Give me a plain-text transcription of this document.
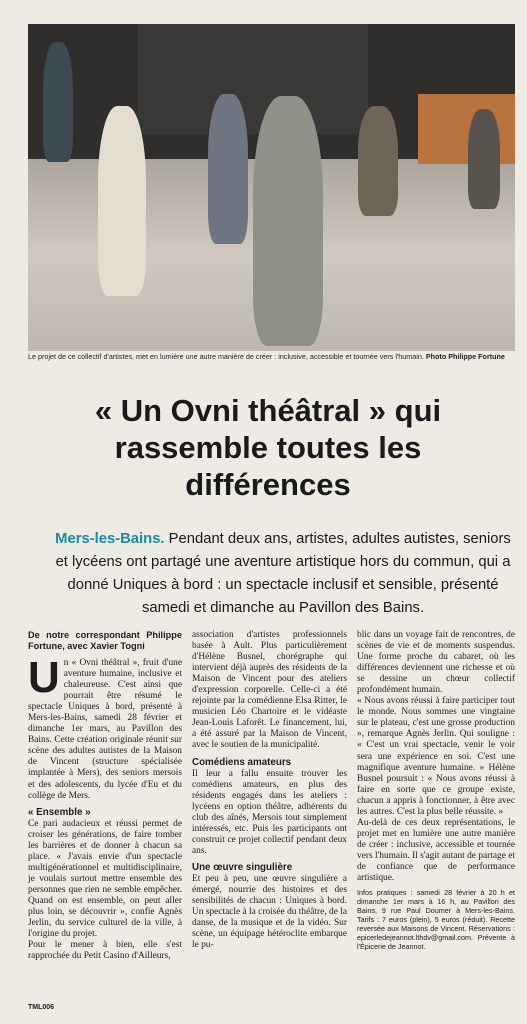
Le projet de ce collectif d'artistes, met en lumière une autre manière de créer : inclusive, accessible et tournée vers l'humain. Photo Philippe Fortune
« Un Ovni théâtral » qui rassemble toutes les différences
Mers-les-Bains. Pendant deux ans, artistes, adultes autistes, seniors et lycéens ont partagé une aventure artistique hors du commun, qui a donné Uniques à bord : un spectacle inclusif et sensible, présenté samedi et dimanche au Pavillon des Bains.
De notre correspondant Philippe Fortune, avec Xavier Togni

Un « Ovni théâtral », fruit d'une aventure humaine, inclusive et chaleureuse. C'est ainsi que pourrait être résumé le spectacle Uniques à bord, présenté à Mers-les-Bains, samedi 28 février et dimanche 1er mars, au Pavillon des Bains. Cette création originale réunit sur scène des adultes autistes de la Maison de Vincent (structure spécialisée implantée à Mers), des seniors mersois et des adolescents, du lycée d'Eu et du collège de Mers.

« Ensemble »

Ce pari audacieux et réussi permet de croiser les générations, de faire tomber les barrières et de donner à chacun sa place. « J'avais envie d'un spectacle multigénérationnel et multidisciplinaire, je voulais surtout mettre ensemble des personnes que rien ne semble empêcher. Quand on est ensemble, on peut aller plus loin, se découvrir », confie Agnès Jerlin, du service culturel de la ville, à l'origine du projet.

Pour le mener à bien, elle s'est rapprochée du Petit Casino d'Ailleurs,

association d'artistes professionnels basée à Ault. Plus particulièrement d'Hélène Busnel, chorégraphe qui intervient déjà auprès des résidents de la Maison de Vincent pour des ateliers d'expression corporelle. Celle-ci a été rejointe par la comédienne Elsa Ritter, le musicien Léo Chartoire et le vidéaste Jean-Louis Laforêt. Le financement, lui, a été assuré par la Maison de Vincent, avec le soutien de la municipalité.

Comédiens amateurs

Il leur a fallu ensuite trouver les comédiens amateurs, en plus des résidents engagés dans les ateliers : lycéens en option théâtre, adhérents du club des aînés, Mersois tout simplement intéressés, etc. Puis les participants ont construit ce projet collectif pendant deux ans.

Une œuvre singulière

Et peu à peu, une œuvre singulière a émergé, nourrie des histoires et des sensibilités de chacun : Uniques à bord. Un spectacle à la croisée du théâtre, de la danse, de la musique et de la vidéo. Sur scène, un équipage hétéroclite embarque le pu-

blic dans un voyage fait de rencontres, de scènes de vie et de moments suspendus. Une forme proche du cabaret, où les différences deviennent une richesse et où se dessine un chœur collectif profondément humain.

« Nous avons réussi à faire participer tout le monde. Nous sommes une vingtaine sur le plateau, c'est une grosse production », remarque Agnès Jerlin. Qui souligne : « C'est un vrai spectacle, venir le voir sera une expérience en soi. C'est une magnifique aventure humaine. » Hélène Busnel poursuit : « Nous avons réussi à faire en sorte que ce groupe existe, chacun a appris à fonctionner, à être avec les autres. C'est la plus belle réussite. »

Au-delà de ces deux représentations, le projet met en lumière une autre manière de créer : inclusive, accessible et tournée vers l'humain. Il s'agit autant de partage et de confiance que de performance artistique.

Infos pratiques : samedi 28 février à 20 h et dimanche 1er mars à 16 h, au Pavillon des Bains, 9 rue Paul Doumer à Mers-les-Bains. Tarifs : 7 euros (plein), 5 euros (réduit). Recette reversée aux Maisons de Vincent. Réservations : epicerledejeannot.lthdv@gmail.com. Prévente à l'Épicerie de Jeannot.
TML006
